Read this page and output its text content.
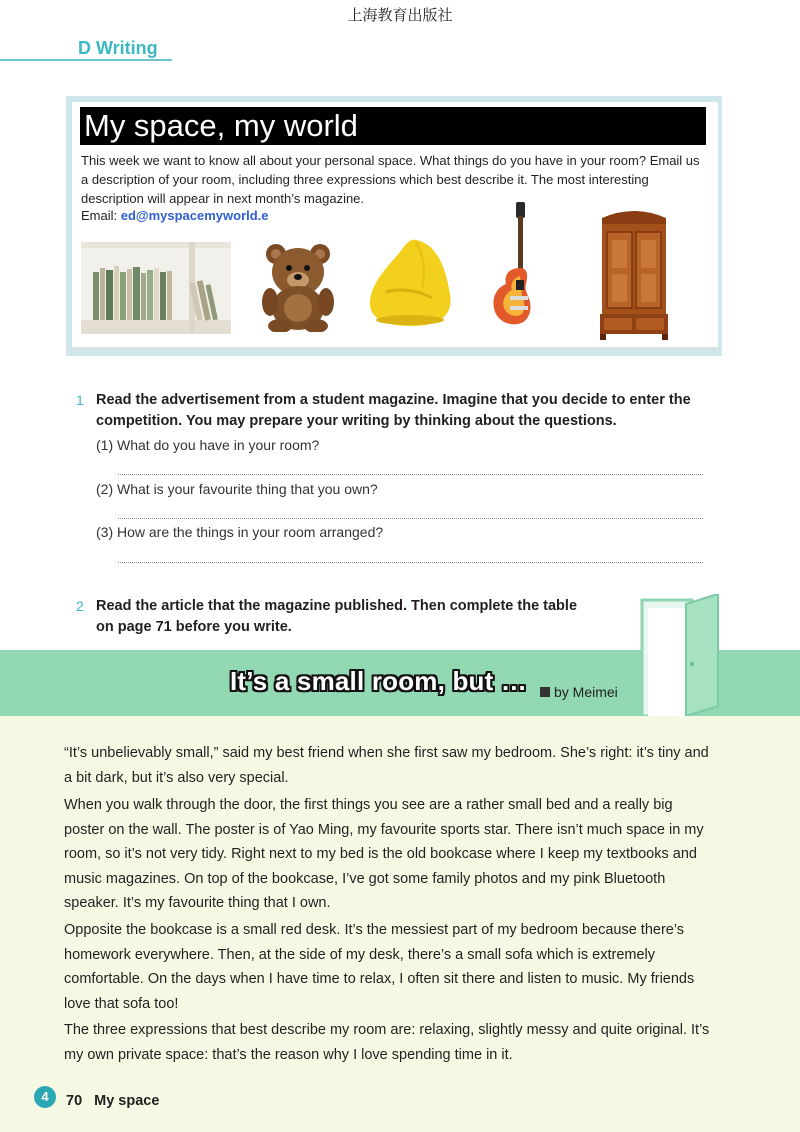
上海教育出版社
D Writing
My space, my world
This week we want to know all about your personal space. What things do you have in your room? Email us a description of your room, including three expressions which best describe it. The most interesting description will appear in next month’s magazine.
Email: ed@myspacemyworld.e
1 Read the advertisement from a student magazine. Imagine that you decide to enter the competition. You may prepare your writing by thinking about the questions.
(1) What do you have in your room?
(2) What is your favourite thing that you own?
(3) How are the things in your room arranged?
2 Read the article that the magazine published. Then complete the table
on page 71 before you write.
It’s a small room, but …	by Meimei
“It’s unbelievably small,” said my best friend when she first saw my bedroom. She’s right: it’s tiny and a bit dark, but it’s also very special.
When you walk through the door, the first things you see are a rather small bed and a really big poster on the wall. The poster is of Yao Ming, my favourite sports star. There isn’t much space in my room, so it’s not very tidy. Right next to my bed is the old bookcase where I keep my textbooks and music magazines. On top of the bookcase, I’ve got some family photos and my pink Bluetooth speaker. It’s my favourite thing that I own.
Opposite the bookcase is a small red desk. It’s the messiest part of my bedroom because there’s homework everywhere. Then, at the side of my desk, there’s a small sofa which is extremely comfortable. On the days when I have time to relax, I often sit there and listen to music. My friends love that sofa too!
The three expressions that best describe my room are: relaxing, slightly messy and quite original. It’s my own private space: that’s the reason why I love spending time in it.
4	70 My space
